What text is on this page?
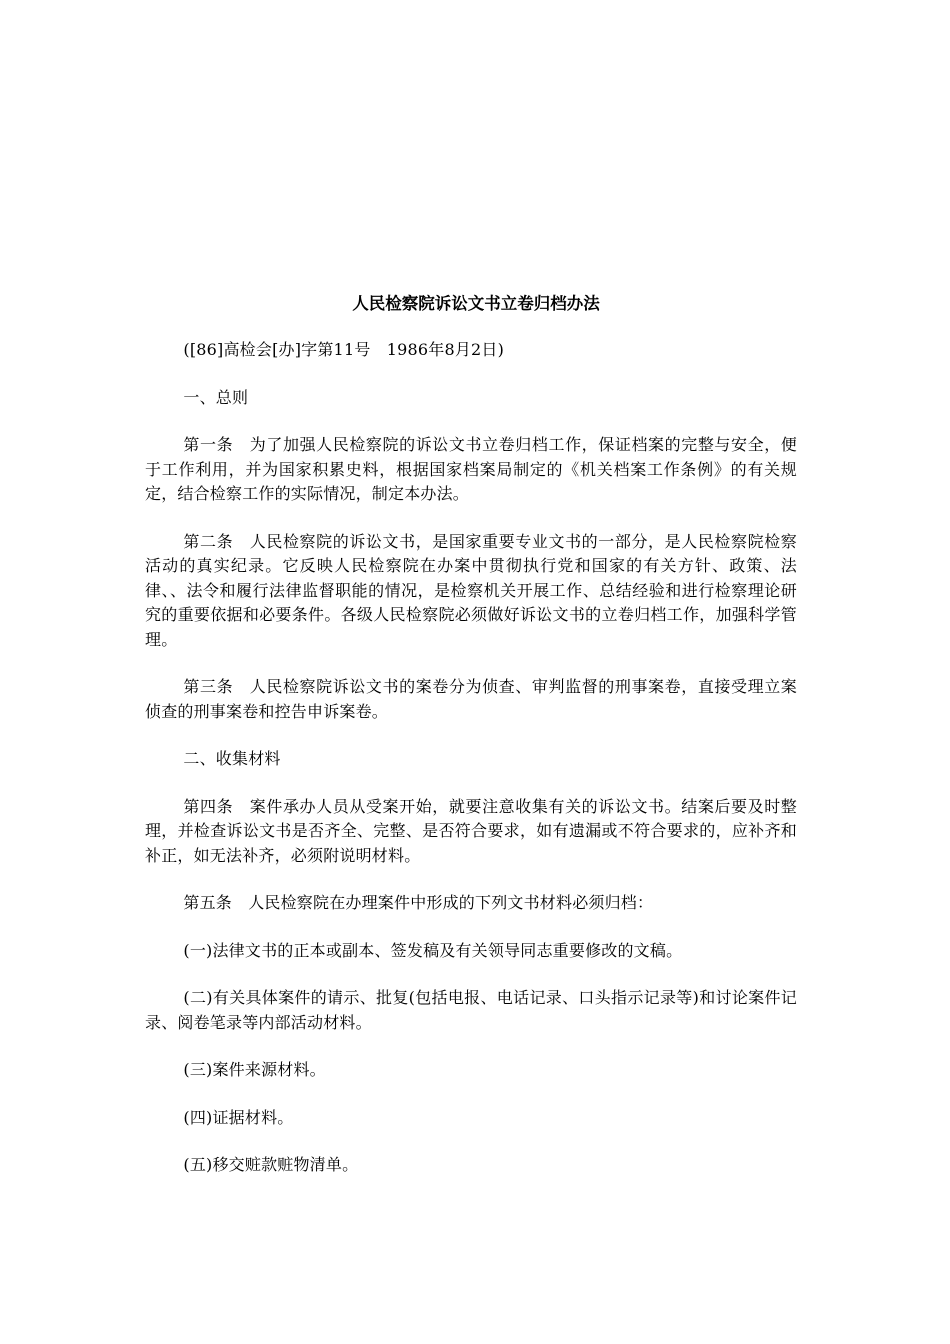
人民检察院诉讼文书立卷归档办法

([86]高检会[办]字第11号　1986年8月2日)

一、总则

第一条　为了加强人民检察院的诉讼文书立卷归档工作，保证档案的完整与安全，便于工作利用，并为国家积累史料，根据国家档案局制定的《机关档案工作条例》的有关规定，结合检察工作的实际情况，制定本办法。

第二条　人民检察院的诉讼文书，是国家重要专业文书的一部分，是人民检察院检察活动的真实纪录。它反映人民检察院在办案中贯彻执行党和国家的有关方针、政策、法律、、法令和履行法律监督职能的情况，是检察机关开展工作、总结经验和进行检察理论研究的重要依据和必要条件。各级人民检察院必须做好诉讼文书的立卷归档工作，加强科学管理。

第三条　人民检察院诉讼文书的案卷分为侦查、审判监督的刑事案卷，直接受理立案侦查的刑事案卷和控告申诉案卷。

二、收集材料

第四条　案件承办人员从受案开始，就要注意收集有关的诉讼文书。结案后要及时整理，并检查诉讼文书是否齐全、完整、是否符合要求，如有遗漏或不符合要求的，应补齐和补正，如无法补齐，必须附说明材料。

第五条　人民检察院在办理案件中形成的下列文书材料必须归档：

(一)法律文书的正本或副本、签发稿及有关领导同志重要修改的文稿。

(二)有关具体案件的请示、批复(包括电报、电话记录、口头指示记录等)和讨论案件记录、阅卷笔录等内部活动材料。

(三)案件来源材料。

(四)证据材料。

(五)移交赃款赃物清单。
